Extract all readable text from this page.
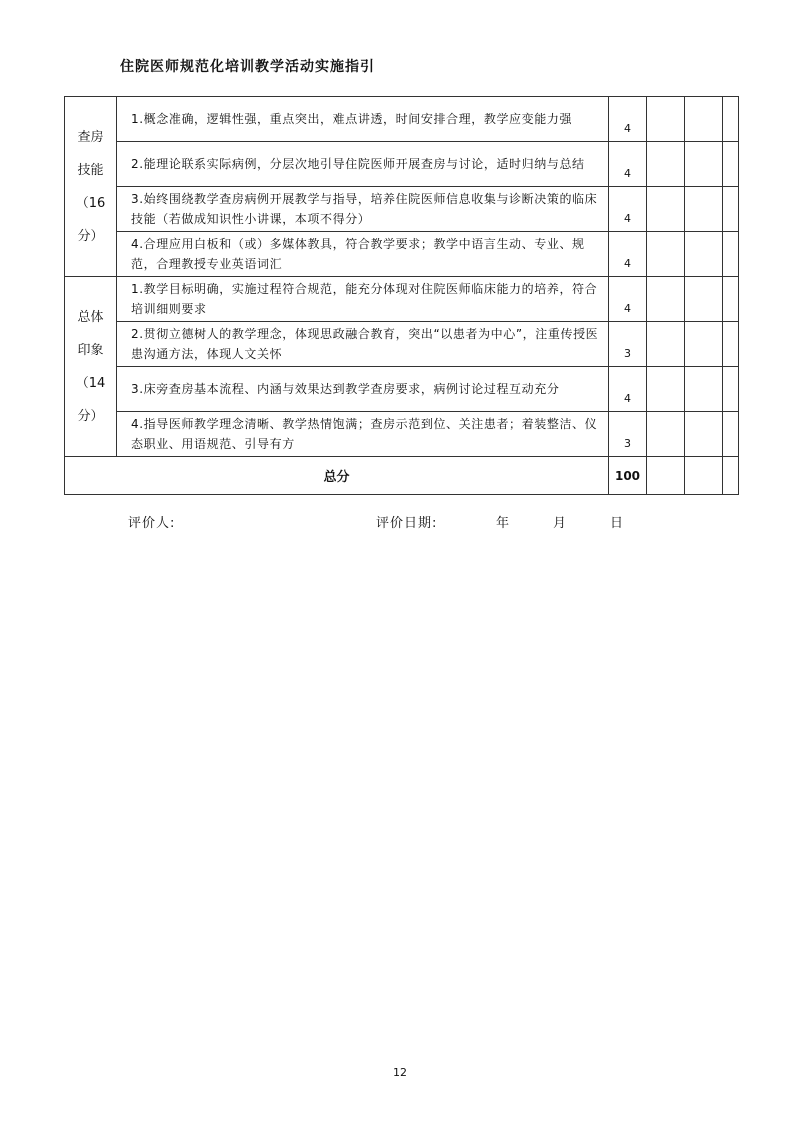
住院医师规范化培训教学活动实施指引
查房
技能
（16
分）	1.概念准确，逻辑性强，重点突出，难点讲透，时间安排合理，教学应变能力强	4			
	2.能理论联系实际病例，分层次地引导住院医师开展查房与讨论，适时归纳与总结	4			
	3.始终围绕教学查房病例开展教学与指导，培养住院医师信息收集与诊断决策的临床技能（若做成知识性小讲课，本项不得分）	4			
	4.合理应用白板和（或）多媒体教具，符合教学要求；教学中语言生动、专业、规范，合理教授专业英语词汇	4			

总体
印象
（14
分）	1.教学目标明确，实施过程符合规范，能充分体现对住院医师临床能力的培养，符合培训细则要求	4			
	2.贯彻立德树人的教学理念，体现思政融合教育，突出“以患者为中心”，注重传授医患沟通方法，体现人文关怀	3			
	3.床旁查房基本流程、内涵与效果达到教学查房要求，病例讨论过程互动充分	4			
	4.指导医师教学理念清晰、教学热情饱满；查房示范到位、关注患者；着装整洁、仪态职业、用语规范、引导有方	3			
总分		100			
评价人:	评价日期:	年	月	日
12
